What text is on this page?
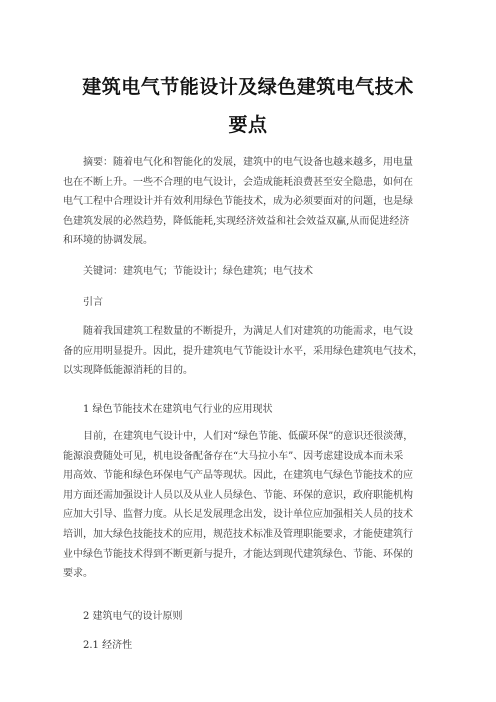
建筑电气节能设计及绿色建筑电气技术
要点
摘要：随着电气化和智能化的发展，建筑中的电气设备也越来越多，用电量
也在不断上升。一些不合理的电气设计，会造成能耗浪费甚至安全隐患，如何在
电气工程中合理设计并有效利用绿色节能技术，成为必须要面对的问题，也是绿
色建筑发展的必然趋势，降低能耗,实现经济效益和社会效益双赢,从而促进经济
和环境的协调发展。
关键词：建筑电气；节能设计；绿色建筑；电气技术
引言
随着我国建筑工程数量的不断提升，为满足人们对建筑的功能需求，电气设
备的应用明显提升。因此，提升建筑电气节能设计水平，采用绿色建筑电气技术，
以实现降低能源消耗的目的。
1 绿色节能技术在建筑电气行业的应用现状
目前，在建筑电气设计中，人们对“绿色节能、低碳环保”的意识还很淡薄，
能源浪费随处可见，机电设备配备存在“大马拉小车”、因考虑建设成本而未采
用高效、节能和绿色环保电气产品等现状。因此，在建筑电气绿色节能技术的应
用方面还需加强设计人员以及从业人员绿色、节能、环保的意识，政府职能机构
应加大引导、监督力度。从长足发展理念出发，设计单位应加强相关人员的技术
培训，加大绿色技能技术的应用，规范技术标准及管理职能要求，才能使建筑行
业中绿色节能技术得到不断更新与提升，才能达到现代建筑绿色、节能、环保的
要求。
2 建筑电气的设计原则
2.1 经济性
